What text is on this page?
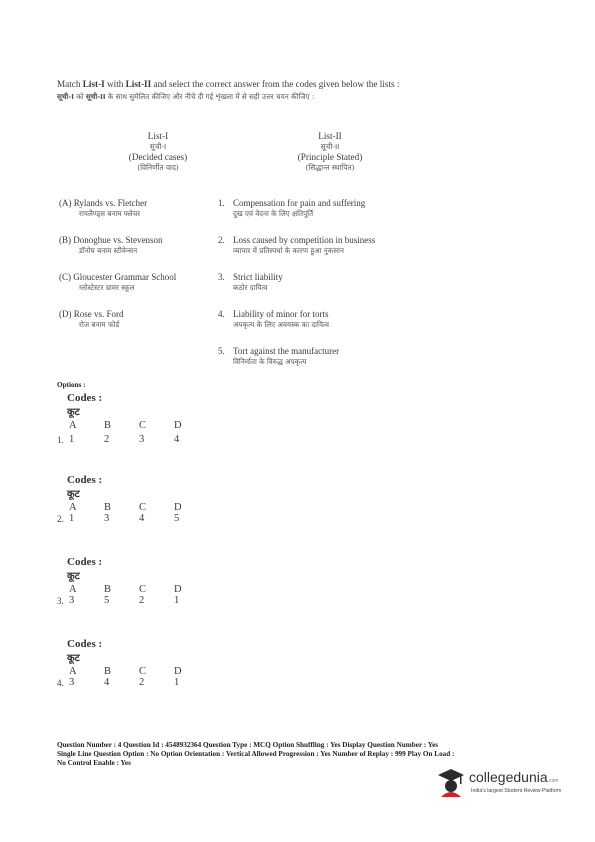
Match List-I with List-II and select the correct answer from the codes given below the lists :
सूची-I को सूची-II के साथ सुमेलित कीजिए और नीचे दी गई शृंखला में से सही उत्तर चयन कीजिए :
List-I
सूची-I
(Decided cases)
(विनिर्णीत वाद)
List-II
सूची-II
(Principle Stated)
(सिद्धान्त स्थापित)
(A) Rylands vs. Fletcher
रायलैण्ड्स बनाम फ्लेचर
(B) Donoghue vs. Stevenson
डॉनोघ बनाम स्टीवेन्सन
(C) Gloucester Grammar School
ग्लोस्टेस्टर ग्रामर स्कूल
(D) Rose vs. Ford
रोज बनाम फोर्ड
1. Compensation for pain and suffering
दुख एवं वेदना के लिए क्षतिपूर्ति
2. Loss caused by competition in business
व्यापार में प्रतिस्पर्धा के कारण हुआ नुकसान
3. Strict liability
कठोर दायित्व
4. Liability of minor for torts
अपकृत्य के लिए अवयस्क का दायित्व
5. Tort against the manufacturer
विनिर्माता के विरुद्ध अपकृत्य
Options :
Codes :
कूट
A	B	C	D
1. 1	2	3	4
Codes :
कूट
A	B	C	D
2. 1	3	4	5
Codes :
कूट
A	B	C	D
3. 3	5	2	1
Codes :
कूट
A	B	C	D
4. 3	4	2	1
Question Number : 4 Question Id : 4548932364 Question Type : MCQ Option Shuffling : Yes Display Question Number : Yes
Single Line Question Option : No Option Orientation : Vertical Allowed Progression : Yes Number of Replay : 999 Play On Load :
No Control Enable : Yes
collegedunia.com
India's largest Student Review Platform
